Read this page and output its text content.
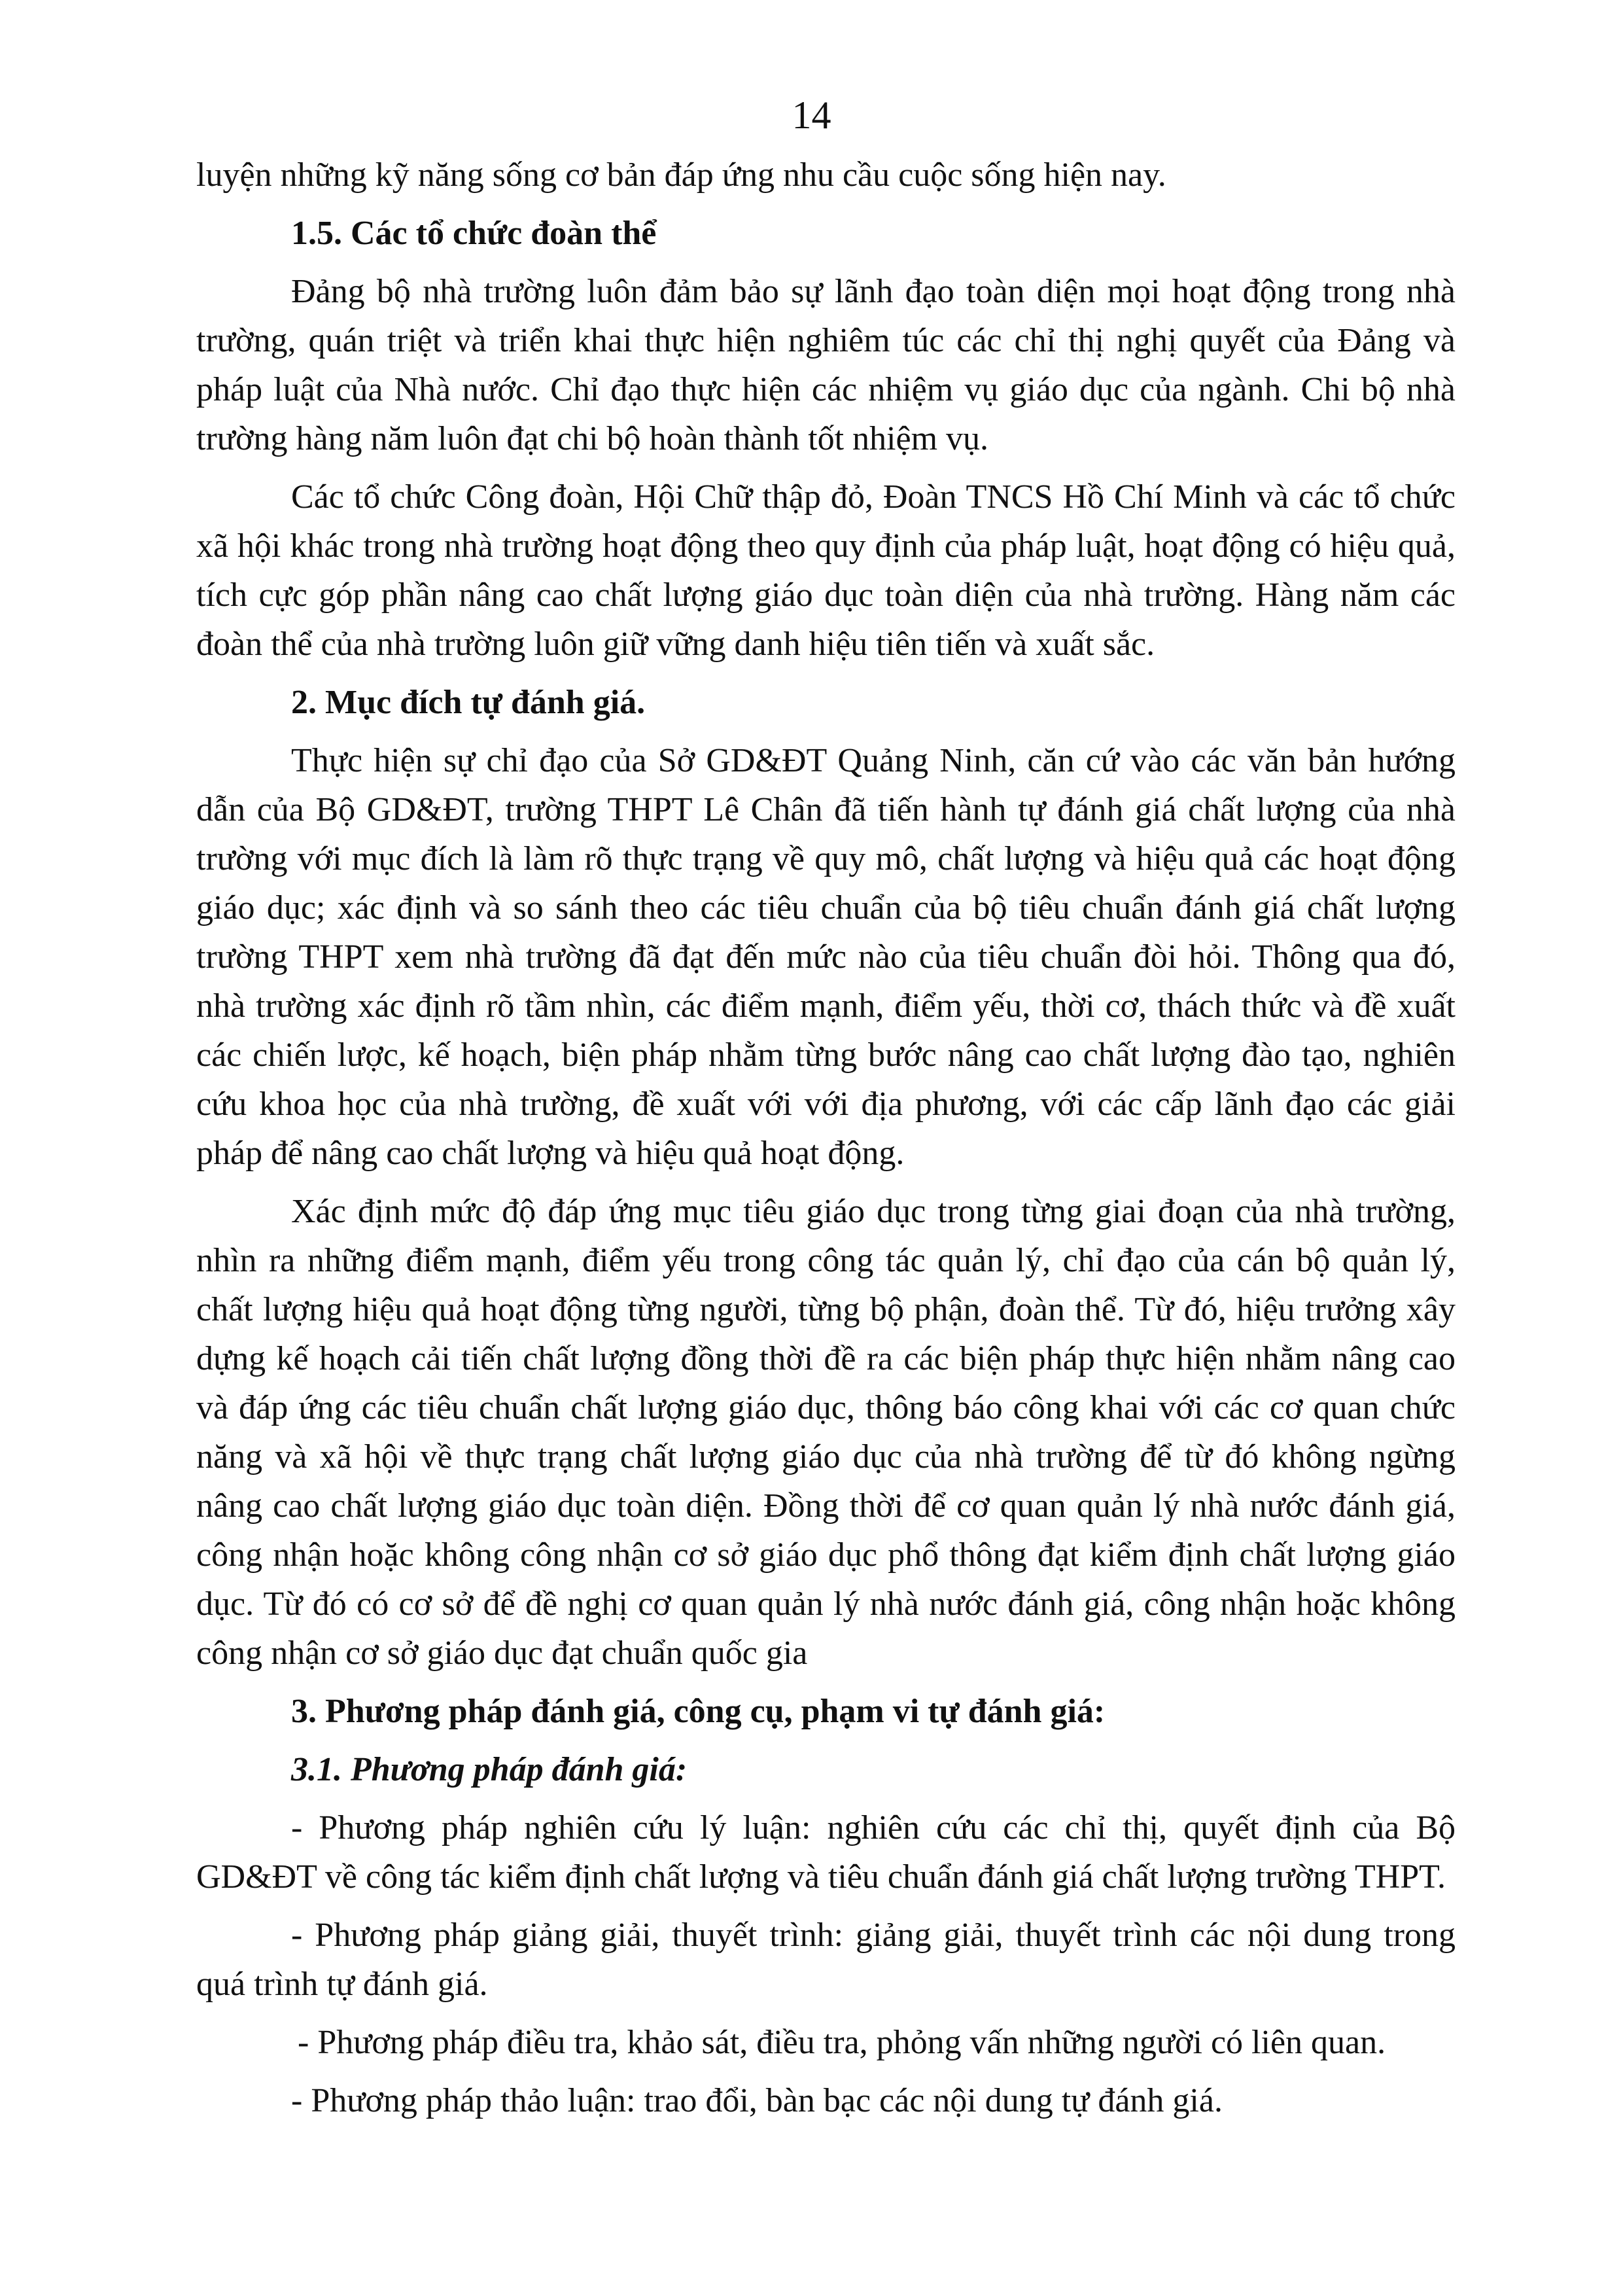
14

luyện những kỹ năng sống cơ bản đáp ứng nhu cầu cuộc sống hiện nay.

1.5. Các tổ chức đoàn thể

Đảng bộ nhà trường luôn đảm bảo sự lãnh đạo toàn diện mọi hoạt động trong nhà trường, quán triệt và triển khai thực hiện nghiêm túc các chỉ thị nghị quyết của Đảng và pháp luật của Nhà nước. Chỉ đạo thực hiện các nhiệm vụ giáo dục của ngành. Chi bộ nhà trường hàng năm luôn đạt chi bộ hoàn thành tốt nhiệm vụ.

Các tổ chức Công đoàn, Hội Chữ thập đỏ, Đoàn TNCS Hồ Chí Minh và các tổ chức xã hội khác trong nhà trường hoạt động theo quy định của pháp luật, hoạt động có hiệu quả, tích cực góp phần nâng cao chất lượng giáo dục toàn diện của nhà trường. Hàng năm các đoàn thể của nhà trường luôn giữ vững danh hiệu tiên tiến và xuất sắc.

2. Mục đích tự đánh giá.

Thực hiện sự chỉ đạo của Sở GD&ĐT Quảng Ninh, căn cứ vào các văn bản hướng dẫn của Bộ GD&ĐT, trường THPT Lê Chân đã tiến hành tự đánh giá chất lượng của nhà trường với mục đích là làm rõ thực trạng về quy mô, chất lượng và hiệu quả các hoạt động giáo dục; xác định và so sánh theo các tiêu chuẩn của bộ tiêu chuẩn đánh giá chất lượng trường THPT xem nhà trường đã đạt đến mức nào của tiêu chuẩn đòi hỏi. Thông qua đó, nhà trường xác định rõ tầm nhìn, các điểm mạnh, điểm yếu, thời cơ, thách thức và đề xuất các chiến lược, kế hoạch, biện pháp nhằm từng bước nâng cao chất lượng đào tạo, nghiên cứu khoa học của nhà trường, đề xuất với với địa phương, với các cấp lãnh đạo các giải pháp để nâng cao chất lượng và hiệu quả hoạt động.

Xác định mức độ đáp ứng mục tiêu giáo dục trong từng giai đoạn của nhà trường, nhìn ra những điểm mạnh, điểm yếu trong công tác quản lý, chỉ đạo của cán bộ quản lý, chất lượng hiệu quả hoạt động từng người, từng bộ phận, đoàn thể. Từ đó, hiệu trưởng xây dựng kế hoạch cải tiến chất lượng đồng thời đề ra các biện pháp thực hiện nhằm nâng cao và đáp ứng các tiêu chuẩn chất lượng giáo dục, thông báo công khai với các cơ quan chức năng và xã hội về thực trạng chất lượng giáo dục của nhà trường để từ đó không ngừng nâng cao chất lượng giáo dục toàn diện. Đồng thời để cơ quan quản lý nhà nước đánh giá, công nhận hoặc không công nhận cơ sở giáo dục phổ thông đạt kiểm định chất lượng giáo dục. Từ đó có cơ sở để đề nghị cơ quan quản lý nhà nước đánh giá, công nhận hoặc không công nhận cơ sở giáo dục đạt chuẩn quốc gia

3. Phương pháp đánh giá, công cụ, phạm vi tự đánh giá:

3.1. Phương pháp đánh giá:

- Phương pháp nghiên cứu lý luận: nghiên cứu các chỉ thị, quyết định của Bộ GD&ĐT về công tác kiểm định chất lượng và tiêu chuẩn đánh giá chất lượng trường THPT.

- Phương pháp giảng giải, thuyết trình: giảng giải, thuyết trình các nội dung trong quá trình tự đánh giá.

- Phương pháp điều tra, khảo sát, điều tra, phỏng vấn những người có liên quan.

- Phương pháp thảo luận: trao đổi, bàn bạc các nội dung tự đánh giá.
